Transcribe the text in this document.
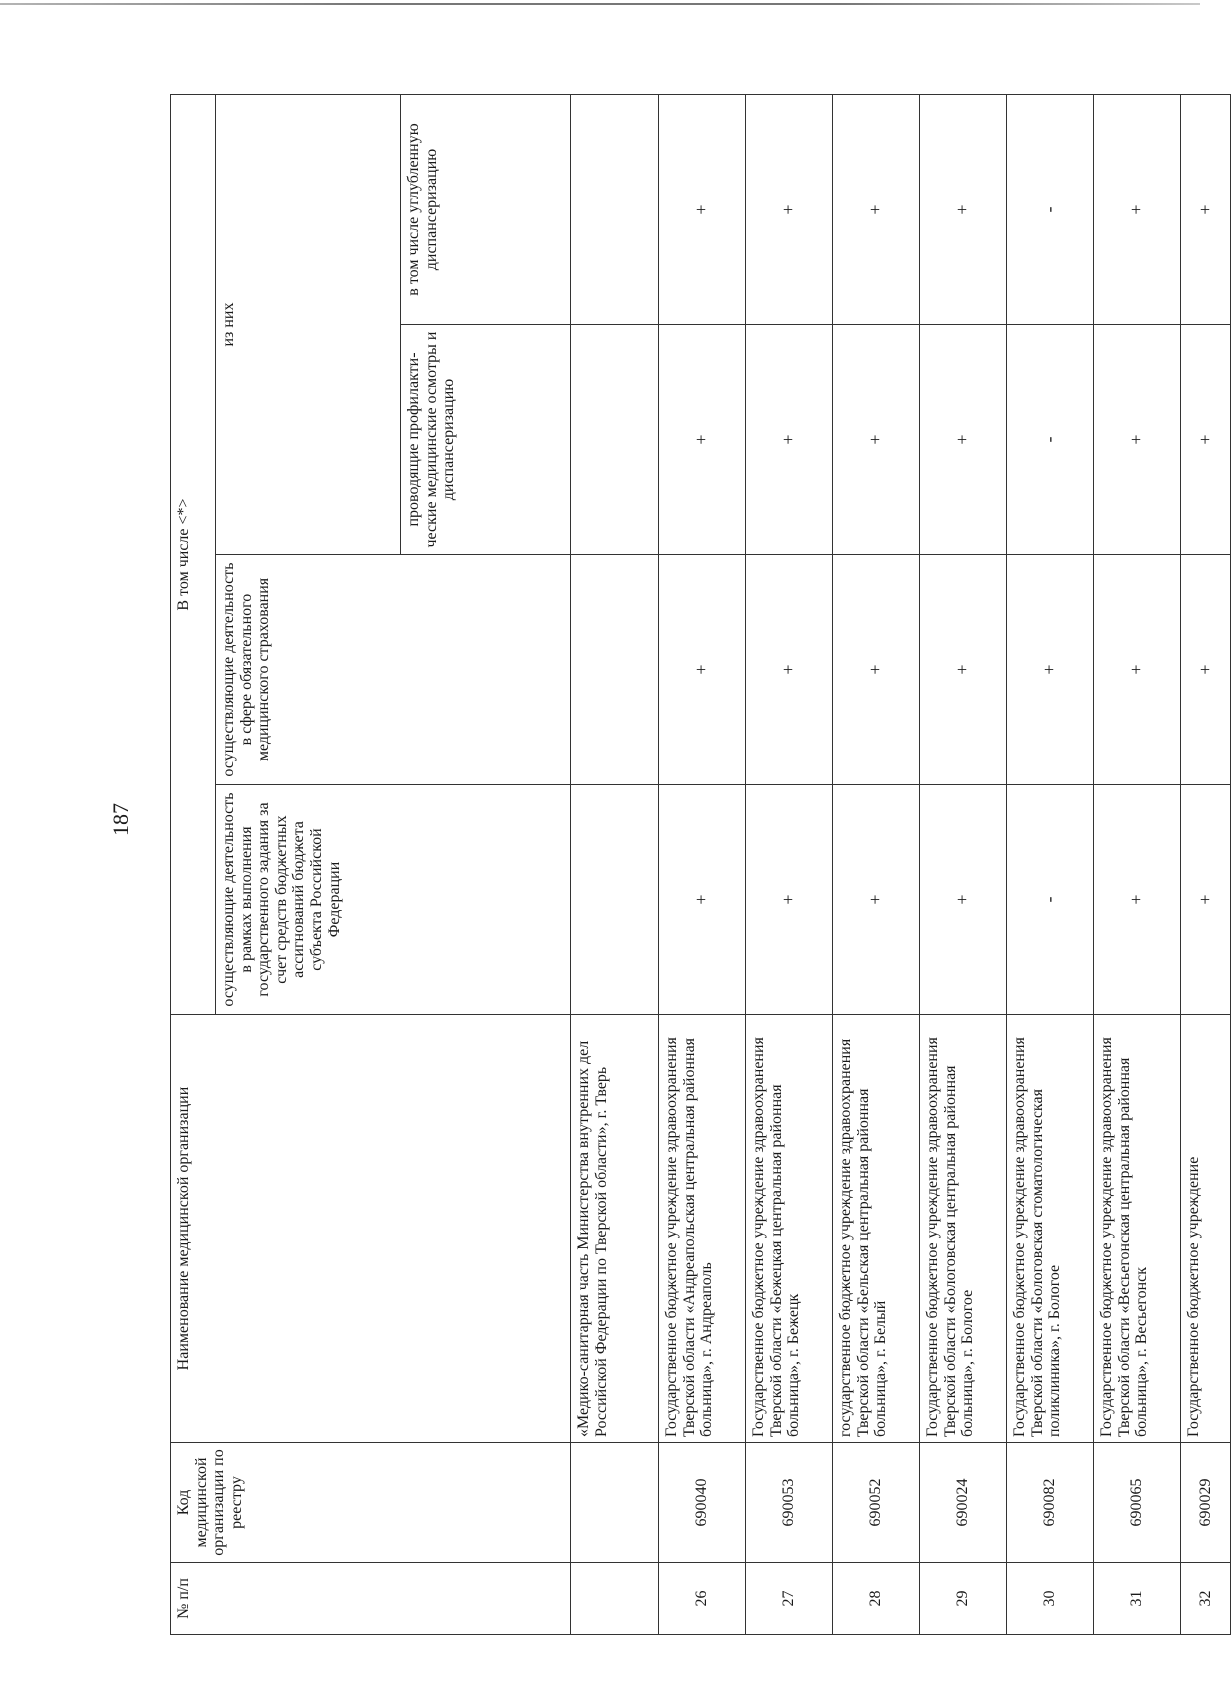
187
№ п/п	Код медицинской организации по реестру	Наименование медицинской организации	В том числе <*>			
			осуществляющие деятельность в рамках выполнения государственного задания за счет средств бюджетных ассигнований бюджета субъекта Российской Федерации	осуществляющие деятельность в сфере обязательного медицинского страхования	из них	
					проводящие профилакти-ческие медицинские осмотры и диспансеризацию	в том числе углубленную диспансеризацию
		«Медико-санитарная часть Министерства внутренних дел Российской Федерации по Тверской области», г. Тверь				
26	690040	Государственное бюджетное учреждение здравоохранения Тверской области «Андреапольская центральная районная больница», г. Андреаполь	+	+	+	+
27	690053	Государственное бюджетное учреждение здравоохранения Тверской области «Бежецкая центральная районная больница», г. Бежецк	+	+	+	+
28	690052	государственное бюджетное учреждение здравоохранения Тверской области «Бельская центральная районная больница», г. Белый	+	+	+	+
29	690024	Государственное бюджетное учреждение здравоохранения Тверской области «Бологовская центральная районная больница», г. Бологое	+	+	+	+
30	690082	Государственное бюджетное учреждение здравоохранения Тверской области «Бологовская стоматологическая поликлиника», г. Бологое	-	+	-	-
31	690065	Государственное бюджетное учреждение здравоохранения Тверской области «Весьегонская центральная районная больница», г. Весьегонск	+	+	+	+
32	690029	Государственное бюджетное учреждение	+	+	+	+
